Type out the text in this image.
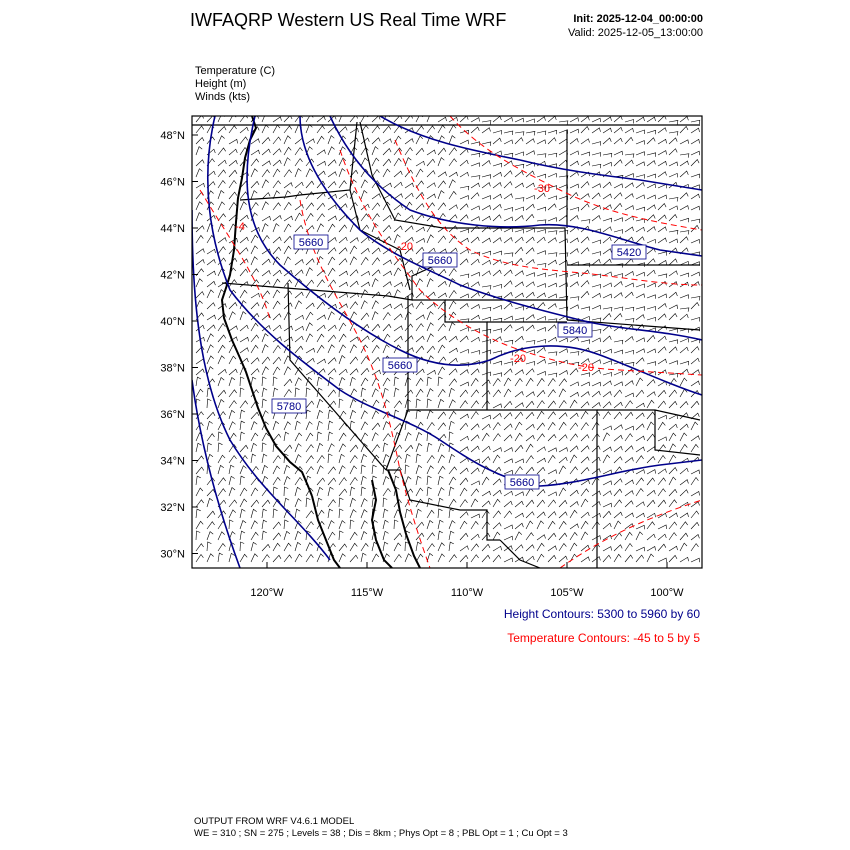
IWFAQRP Western US Real Time WRF	Init: 2025-12-04_00:00:00
Valid: 2025-12-05_13:00:00
Temperature (C)
Height (m)
Winds (kts)
5660
5660
5420
5840
5660
5780
5660
-30
-20
-20
-20
-4
48°N
46°N
44°N
42°N
40°N
38°N
36°N
34°N
32°N
30°N
120°W	115°W	110°W	105°W	100°W
Height Contours: 5300 to 5960 by 60
Temperature Contours: -45 to 5 by 5
OUTPUT FROM WRF V4.6.1 MODEL
WE = 310 ; SN = 275 ; Levels = 38 ; Dis = 8km ; Phys Opt = 8 ; PBL Opt = 1 ; Cu Opt = 3
